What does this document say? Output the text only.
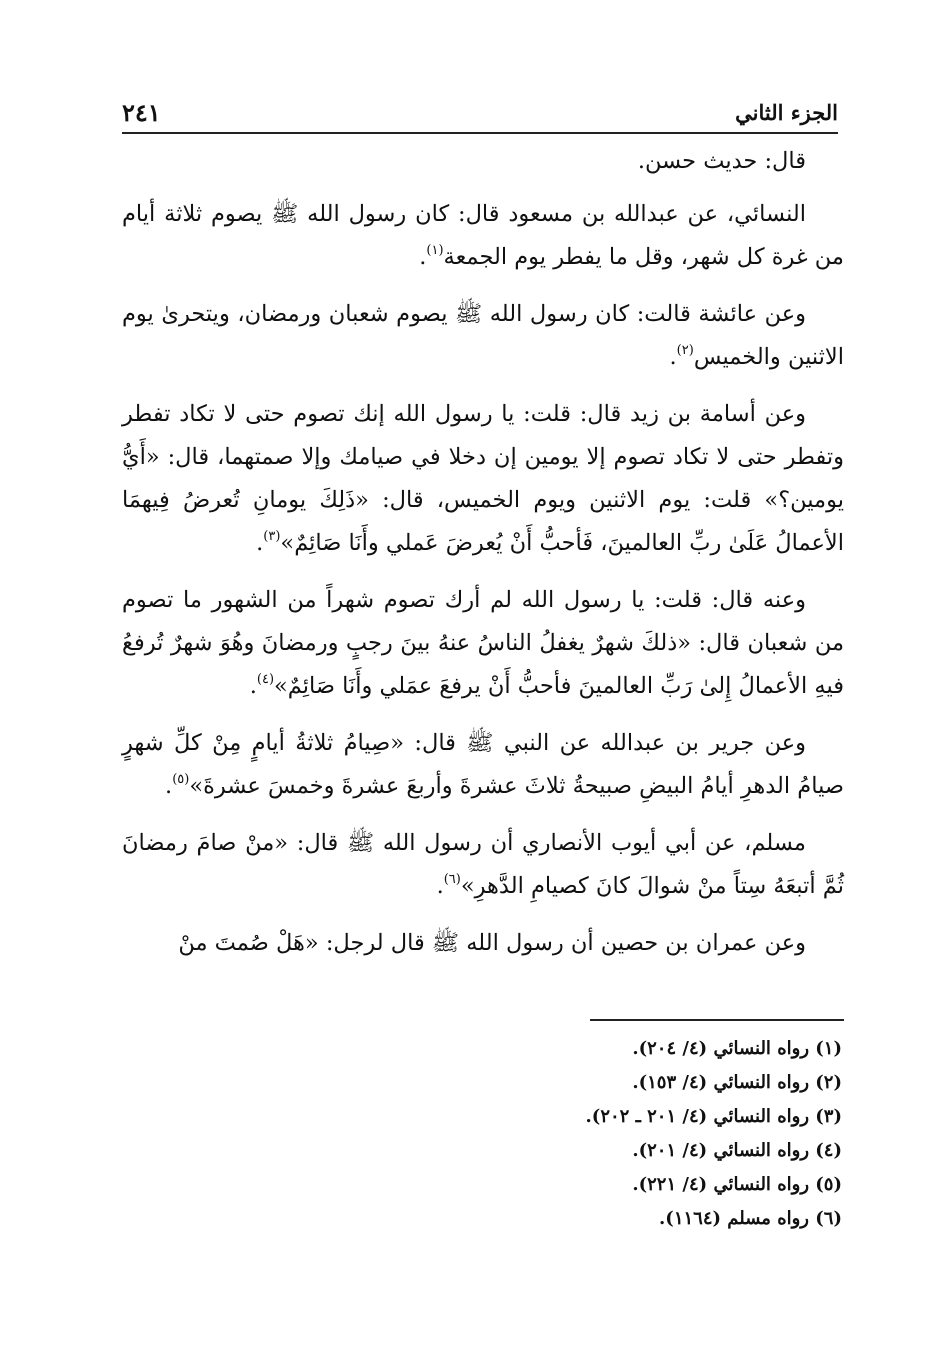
الجزء الثاني
٢٤١

قال: حديث حسن.

النسائي، عن عبدالله بن مسعود قال: كان رسول الله ﷺ يصوم ثلاثة أيام من غرة كل شهر، وقل ما يفطر يوم الجمعة$^{(١)}$.

وعن عائشة قالت: كان رسول الله ﷺ يصوم شعبان ورمضان، ويتحرىٰ يوم الاثنين والخميس$^{(٢)}$.

وعن أسامة بن زيد قال: قلت: يا رسول الله إنك تصوم حتى لا تكاد تفطر وتفطر حتى لا تكاد تصوم إلا يومين إن دخلا في صيامك وإلا صمتهما، قال: «أَيُّ يومين؟» قلت: يوم الاثنين ويوم الخميس، قال: «ذَلِكَ يومانِ تُعرضُ فِيهمَا الأعمالُ عَلَىٰ ربِّ العالمينَ، فَأحبُّ أَنْ يُعرضَ عَملي وأَنَا صَائِمٌ»$^{(٣)}$.

وعنه قال: قلت: يا رسول الله لم أرك تصوم شهراً من الشهور ما تصوم من شعبان قال: «ذلكَ شهرٌ يغفلُ الناسُ عنهُ بينَ رجبٍ ورمضانَ وهُوَ شهرٌ تُرفعُ فيهِ الأعمالُ إِلىٰ رَبِّ العالمينَ فأحبُّ أَنْ يرفعَ عمَلي وأَنَا صَائِمٌ»$^{(٤)}$.

وعن جرير بن عبدالله عن النبي ﷺ قال: «صِيامُ ثلاثةُ أيامٍ مِنْ كلِّ شهرٍ صيامُ الدهرِ أيامُ البيضِ صبيحةُ ثلاثَ عشرةَ وأربعَ عشرةَ وخمسَ عشرةَ»$^{(٥)}$.

مسلم، عن أبي أيوب الأنصاري أن رسول الله ﷺ قال: «منْ صامَ رمضانَ ثُمَّ أتبعَهُ سِتاً منْ شوالَ كانَ كصيامِ الدَّهرِ»$^{(٦)}$.

وعن عمران بن حصين أن رسول الله ﷺ قال لرجل: «هَلْ صُمتَ منْ

(١) رواه النسائي (٤/ ٢٠٤).
(٢) رواه النسائي (٤/ ١٥٣).
(٣) رواه النسائي (٤/ ٢٠١ ـ ٢٠٢).
(٤) رواه النسائي (٤/ ٢٠١).
(٥) رواه النسائي (٤/ ٢٢١).
(٦) رواه مسلم (١١٦٤).
